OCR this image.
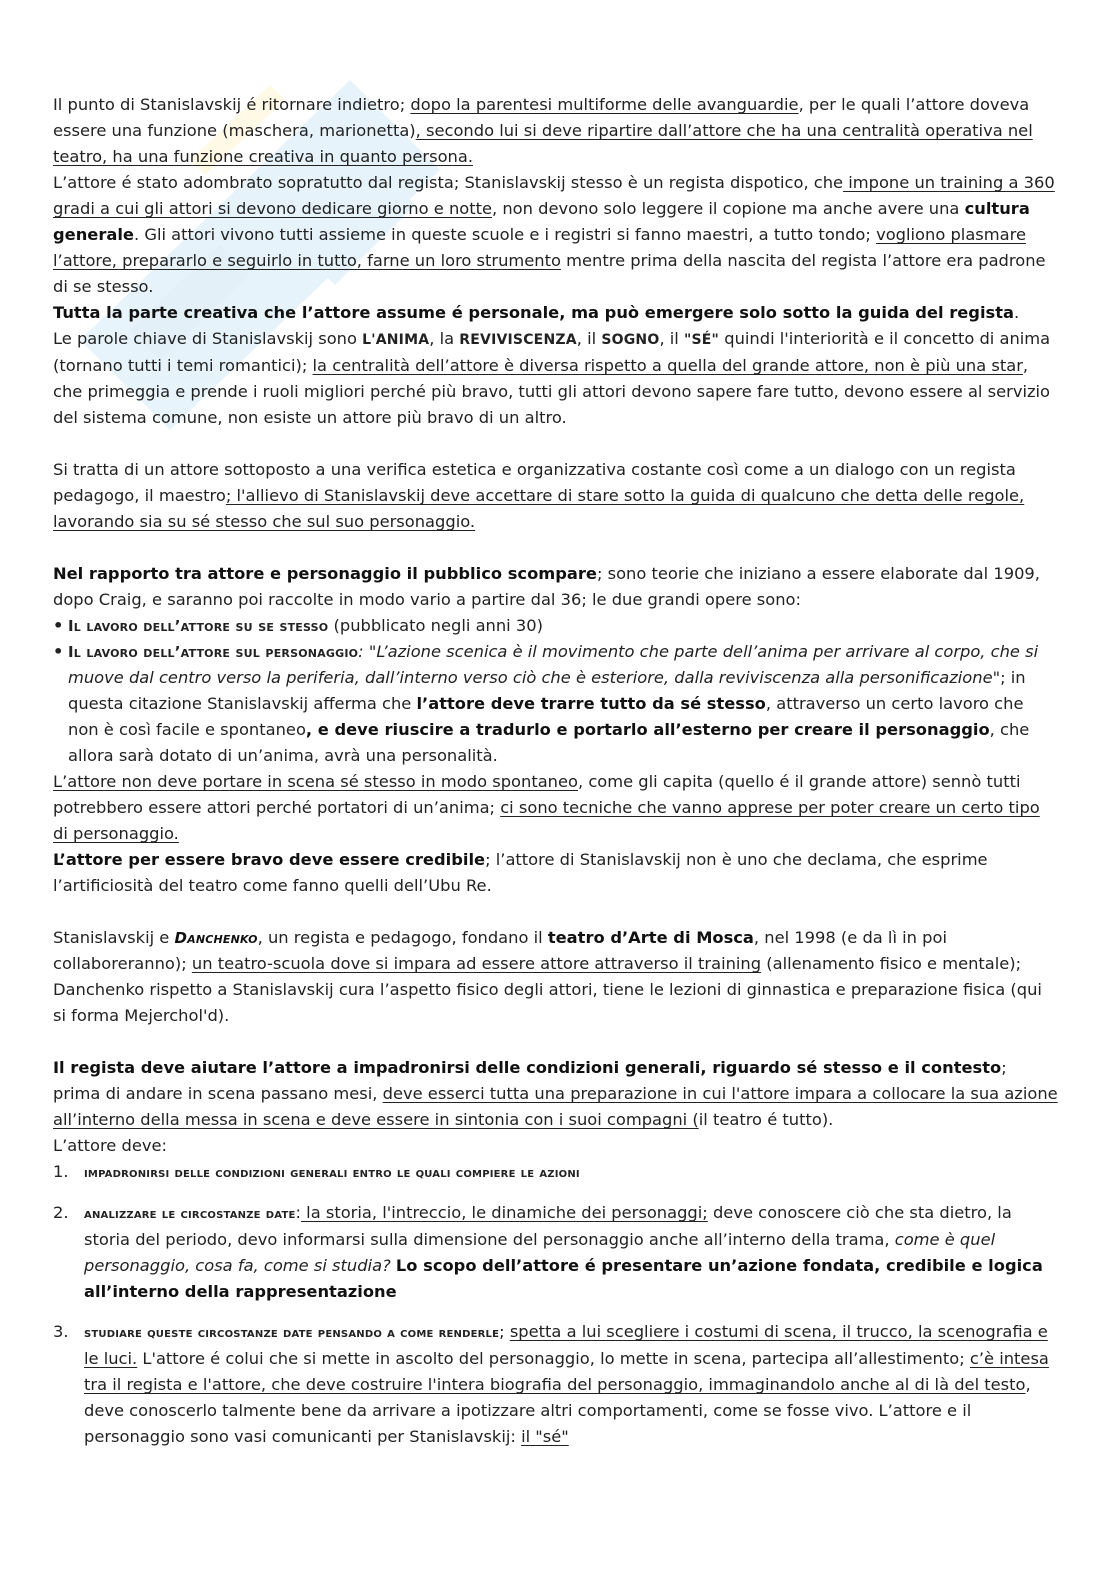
Il punto di Stanislavskij é ritornare indietro; dopo la parentesi multiforme delle avanguardie, per le quali l’attore doveva essere una funzione (maschera, marionetta), secondo lui si deve ripartire dall’attore che ha una centralità operativa nel teatro, ha una funzione creativa in quanto persona.

L’attore é stato adombrato sopratutto dal regista; Stanislavskij stesso è un regista dispotico, che impone un training a 360 gradi a cui gli attori si devono dedicare giorno e notte, non devono solo leggere il copione ma anche avere una cultura generale. Gli attori vivono tutti assieme in queste scuole e i registri si fanno maestri, a tutto tondo; vogliono plasmare l’attore, prepararlo e seguirlo in tutto, farne un loro strumento mentre prima della nascita del regista l’attore era padrone di se stesso.

Tutta la parte creativa che l’attore assume é personale, ma può emergere solo sotto la guida del regista.

Le parole chiave di Stanislavskij sono L'ANIMA, la REVIVISCENZA, il SOGNO, il "SÉ" quindi l'interiorità e il concetto di anima (tornano tutti i temi romantici); la centralità dell’attore è diversa rispetto a quella del grande attore, non è più una star, che primeggia e prende i ruoli migliori perché più bravo, tutti gli attori devono sapere fare tutto, devono essere al servizio del sistema comune, non esiste un attore più bravo di un altro.

Si tratta di un attore sottoposto a una verifica estetica e organizzativa costante così come a un dialogo con un regista pedagogo, il maestro; l'allievo di Stanislavskij deve accettare di stare sotto la guida di qualcuno che detta delle regole, lavorando sia su sé stesso che sul suo personaggio.

Nel rapporto tra attore e personaggio il pubblico scompare; sono teorie che iniziano a essere elaborate dal 1909, dopo Craig, e saranno poi raccolte in modo vario a partire dal 36; le due grandi opere sono:

• Il lavoro dell’attore su se stesso (pubblicato negli anni 30)
• Il lavoro dell’attore sul personaggio: "L’azione scenica è il movimento che parte dell’anima per arrivare al corpo, che si muove dal centro verso la periferia, dall’interno verso ciò che è esteriore, dalla reviviscenza alla personificazione"; in questa citazione Stanislavskij afferma che l’attore deve trarre tutto da sé stesso, attraverso un certo lavoro che non è così facile e spontaneo, e deve riuscire a tradurlo e portarlo all’esterno per creare il personaggio, che allora sarà dotato di un’anima, avrà una personalità.

L’attore non deve portare in scena sé stesso in modo spontaneo, come gli capita (quello é il grande attore) sennò tutti potrebbero essere attori perché portatori di un’anima; ci sono tecniche che vanno apprese per poter creare un certo tipo di personaggio.

L’attore per essere bravo deve essere credibile; l’attore di Stanislavskij non è uno che declama, che esprime l’artificiosità del teatro come fanno quelli dell’Ubu Re.

Stanislavskij e Danchenko, un regista e pedagogo, fondano il teatro d’Arte di Mosca, nel 1998 (e da lì in poi collaboreranno); un teatro-scuola dove si impara ad essere attore attraverso il training (allenamento fisico e mentale); Danchenko rispetto a Stanislavskij cura l’aspetto fisico degli attori, tiene le lezioni di ginnastica e preparazione fisica (qui si forma Mejerchol'd).

Il regista deve aiutare l’attore a impadronirsi delle condizioni generali, riguardo sé stesso e il contesto; prima di andare in scena passano mesi, deve esserci tutta una preparazione in cui l'attore impara a collocare la sua azione all’interno della messa in scena e deve essere in sintonia con i suoi compagni (il teatro é tutto).

L’attore deve:

1. impadronirsi delle condizioni generali entro le quali compiere le azioni
2. analizzare le circostanze date: la storia, l'intreccio, le dinamiche dei personaggi; deve conoscere ciò che sta dietro, la storia del periodo, devo informarsi sulla dimensione del personaggio anche all’interno della trama, come è quel personaggio, cosa fa, come si studia? Lo scopo dell’attore é presentare un’azione fondata, credibile e logica all’interno della rappresentazione
3. studiare queste circostanze date pensando a come renderle; spetta a lui scegliere i costumi di scena, il trucco, la scenografia e le luci. L'attore é colui che si mette in ascolto del personaggio, lo mette in scena, partecipa all’allestimento; c’è intesa tra il regista e l'attore, che deve costruire l'intera biografia del personaggio, immaginandolo anche al di là del testo, deve conoscerlo talmente bene da arrivare a ipotizzare altri comportamenti, come se fosse vivo. L’attore e il personaggio sono vasi comunicanti per Stanislavskij: il "sé"
